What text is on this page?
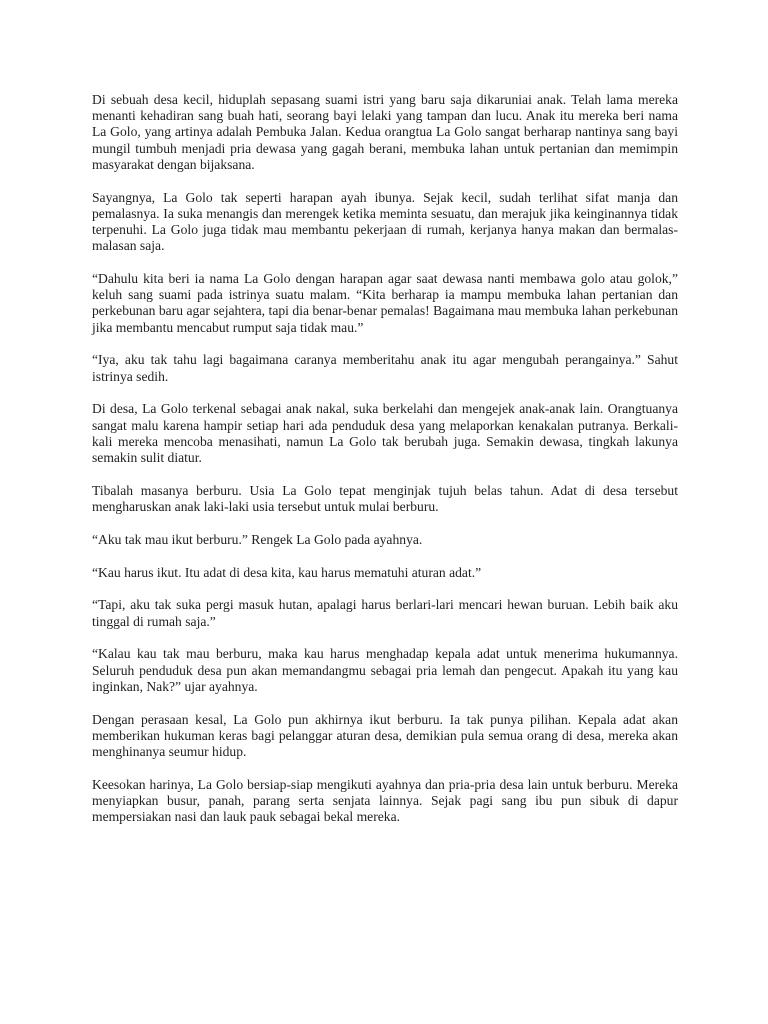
Di sebuah desa kecil, hiduplah sepasang suami istri yang baru saja dikaruniai anak. Telah lama mereka menanti kehadiran sang buah hati, seorang bayi lelaki yang tampan dan lucu. Anak itu mereka beri nama La Golo, yang artinya adalah Pembuka Jalan. Kedua orangtua La Golo sangat berharap nantinya sang bayi mungil tumbuh menjadi pria dewasa yang gagah berani, membuka lahan untuk pertanian dan memimpin masyarakat dengan bijaksana.

Sayangnya, La Golo tak seperti harapan ayah ibunya. Sejak kecil, sudah terlihat sifat manja dan pemalasnya. Ia suka menangis dan merengek ketika meminta sesuatu, dan merajuk jika keinginannya tidak terpenuhi. La Golo juga tidak mau membantu pekerjaan di rumah, kerjanya hanya makan dan bermalas-malasan saja.

“Dahulu kita beri ia nama La Golo dengan harapan agar saat dewasa nanti membawa golo atau golok,” keluh sang suami pada istrinya suatu malam. “Kita berharap ia mampu membuka lahan pertanian dan perkebunan baru agar sejahtera, tapi dia benar-benar pemalas! Bagaimana mau membuka lahan perkebunan jika membantu mencabut rumput saja tidak mau.”

“Iya, aku tak tahu lagi bagaimana caranya memberitahu anak itu agar mengubah perangainya.” Sahut istrinya sedih.

Di desa, La Golo terkenal sebagai anak nakal, suka berkelahi dan mengejek anak-anak lain. Orangtuanya sangat malu karena hampir setiap hari ada penduduk desa yang melaporkan kenakalan putranya. Berkali-kali mereka mencoba menasihati, namun La Golo tak berubah juga. Semakin dewasa, tingkah lakunya semakin sulit diatur.

Tibalah masanya berburu. Usia La Golo tepat menginjak tujuh belas tahun. Adat di desa tersebut mengharuskan anak laki-laki usia tersebut untuk mulai berburu.

“Aku tak mau ikut berburu.” Rengek La Golo pada ayahnya.

“Kau harus ikut. Itu adat di desa kita, kau harus mematuhi aturan adat.”

“Tapi, aku tak suka pergi masuk hutan, apalagi harus berlari-lari mencari hewan buruan. Lebih baik aku tinggal di rumah saja.”

“Kalau kau tak mau berburu, maka kau harus menghadap kepala adat untuk menerima hukumannya. Seluruh penduduk desa pun akan memandangmu sebagai pria lemah dan pengecut. Apakah itu yang kau inginkan, Nak?” ujar ayahnya.

Dengan perasaan kesal, La Golo pun akhirnya ikut berburu. Ia tak punya pilihan. Kepala adat akan memberikan hukuman keras bagi pelanggar aturan desa, demikian pula semua orang di desa, mereka akan menghinanya seumur hidup.

Keesokan harinya, La Golo bersiap-siap mengikuti ayahnya dan pria-pria desa lain untuk berburu. Mereka menyiapkan busur, panah, parang serta senjata lainnya. Sejak pagi sang ibu pun sibuk di dapur mempersiakan nasi dan lauk pauk sebagai bekal mereka.
